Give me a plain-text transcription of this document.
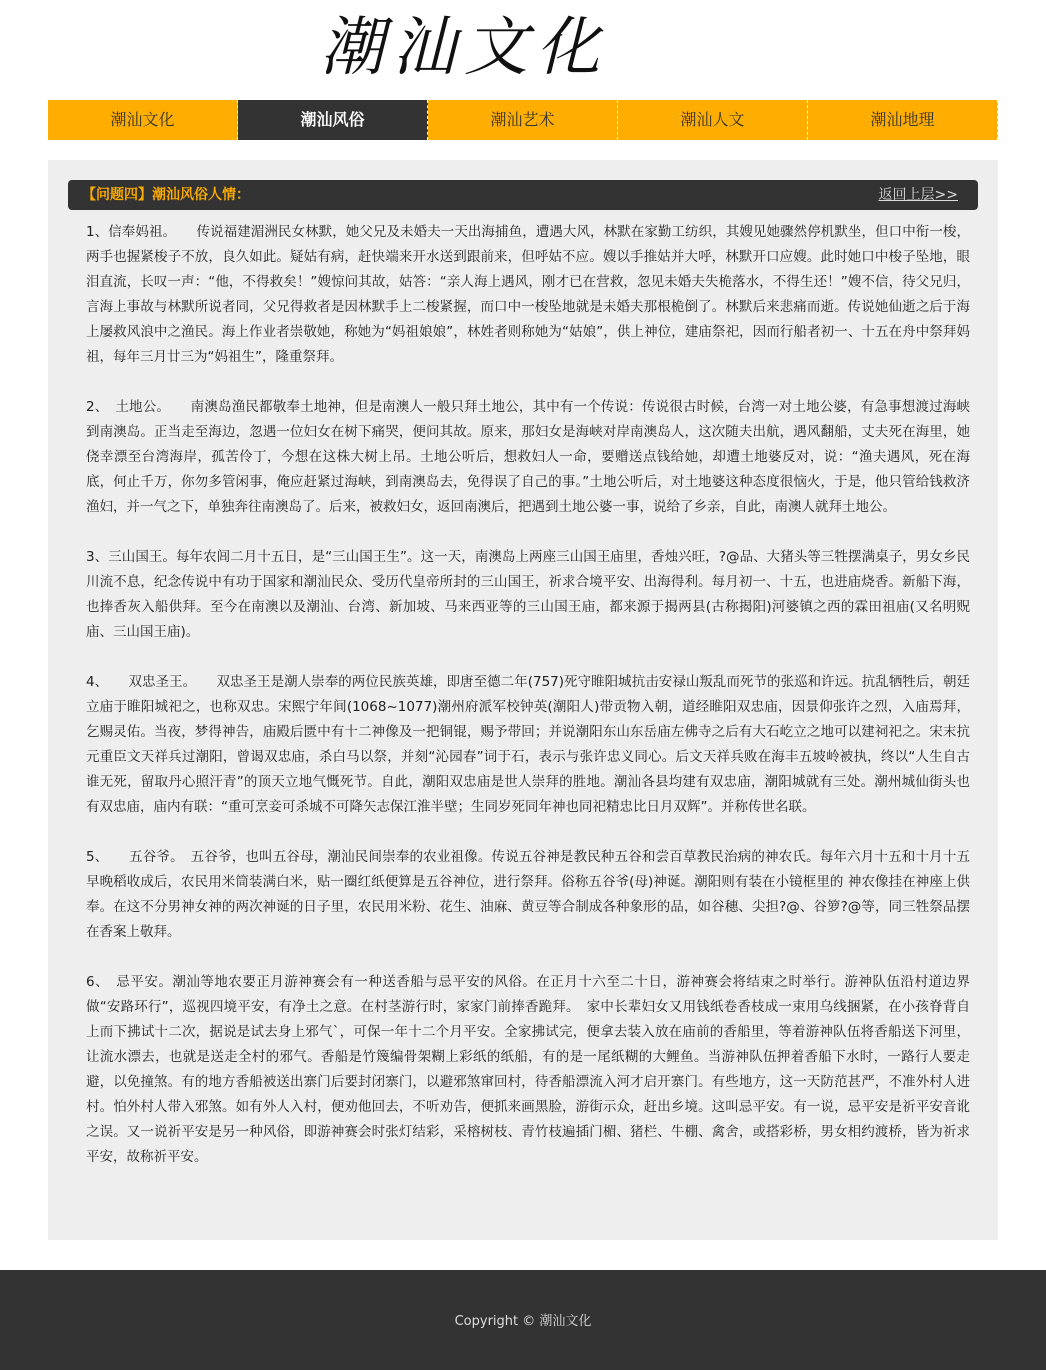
潮汕文化
潮汕文化	潮汕风俗	潮汕艺术	潮汕人文	潮汕地理
【问题四】潮汕风俗人情：	返回上层>>

1、信奉妈祖。　　传说福建湄洲民女林默，她父兄及未婚夫一天出海捕鱼，遭遇大风，林默在家勤工纺织，其嫂见她骤然停机默坐，但口中衔一梭，两手也握紧梭子不放，良久如此。疑姑有病，赶快端来开水送到跟前来，但呼姑不应。嫂以手推姑并大呼，林默开口应嫂。此时她口中梭子坠地，眼泪直流，长叹一声：“他，不得救矣！”嫂惊问其故，姑答：“亲人海上遇风，刚才已在营救，忽见未婚夫失桅落水，不得生还！”嫂不信，待父兄归，言海上事故与林默所说者同，父兄得救者是因林默手上二梭紧握，而口中一梭坠地就是未婚夫那根桅倒了。林默后来悲痛而逝。传说她仙逝之后于海上屡救风浪中之渔民。海上作业者崇敬她，称她为“妈祖娘娘”，林姓者则称她为“姑娘”，供上神位，建庙祭祀，因而行船者初一、十五在舟中祭拜妈祖，每年三月廿三为“妈祖生”，隆重祭拜。

2、　土地公。　　南澳岛渔民都敬奉土地神，但是南澳人一般只拜土地公，其中有一个传说：传说很古时候，台湾一对土地公婆，有急事想渡过海峡到南澳岛。正当走至海边，忽遇一位妇女在树下痛哭，便问其故。原来，那妇女是海峡对岸南澳岛人，这次随夫出航，遇风翻船，丈夫死在海里，她侥幸漂至台湾海岸，孤苦伶丁，今想在这株大树上吊。土地公听后，想救妇人一命，要赠送点钱给她，却遭土地婆反对，说：“渔夫遇风，死在海底，何止千万，你勿多管闲事，俺应赶紧过海峡，到南澳岛去，免得误了自己的事。”土地公听后，对土地婆这种态度很恼火，于是，他只管给钱救济渔妇，并一气之下，单独奔往南澳岛了。后来，被救妇女，返回南澳后，把遇到土地公婆一事，说给了乡亲，自此，南澳人就拜土地公。

3、三山国王。每年农闾二月十五日，是“三山国王生”。这一天，南澳岛上两座三山国王庙里，香烛兴旺，?@品、大猪头等三牲摆满桌子，男女乡民川流不息，纪念传说中有功于国家和潮汕民众、受历代皇帝所封的三山国王，祈求合境平安、出海得利。每月初一、十五，也进庙烧香。新船下海，也捧香灰入船供拜。至今在南澳以及潮汕、台湾、新加坡、马来西亚等的三山国王庙，都来源于揭两县(古称揭阳)河婆镇之西的霖田祖庙(又名明贶庙、三山国王庙)。

4、　　双忠圣王。　　双忠圣王是潮人崇奉的两位民族英雄，即唐至德二年(757)死守睢阳城抗击安禄山叛乱而死节的张巡和许远。抗乱牺牲后，朝廷立庙于睢阳城祀之，也称双忠。宋熙宁年间(1068~1077)潮州府派军校钟英(潮阳人)带贡物入朝，道经睢阳双忠庙，因景仰张许之烈，入庙焉拜，乞赐灵佑。当夜，梦得神告，庙殿后匮中有十二神像及一把铜锟，赐予带回；并说潮阳东山东岳庙左佛寺之后有大石屹立之地可以建祠祀之。宋末抗元重臣文天祥兵过潮阳，曾谒双忠庙，杀白马以祭，并刻“沁园春”词于石，表示与张许忠义同心。后文天祥兵败在海丰五坡岭被执，终以“人生自古谁无死，留取丹心照汗青”的顶天立地气慨死节。自此，潮阳双忠庙是世人崇拜的胜地。潮汕各县均建有双忠庙，潮阳城就有三处。潮州城仙街头也有双忠庙，庙内有联：“重可烹妾可杀城不可降矢志保江淮半壁；生同岁死同年神也同祀精忠比日月双辉”。并称传世名联。

5、　　五谷爷。　五谷爷，也叫五谷母，潮汕民间崇奉的农业祖像。传说五谷神是教民种五谷和尝百草教民治病的神农氏。每年六月十五和十月十五早晚稻收成后，农民用米筒装满白米，贴一圈红纸便算是五谷神位，进行祭拜。俗称五谷爷(母)神诞。潮阳则有装在小镜框里的 神农像挂在神座上供奉。在这不分男神女神的两次神诞的日子里，农民用米粉、花生、油麻、黄豆等合制成各种象形的品，如谷穗、尖担?@、谷箩?@等，同三牲祭品摆在香案上敬拜。

6、　忌平安。潮汕等地农要正月游神赛会有一种送香船与忌平安的风俗。在正月十六至二十日，游神赛会将结束之时举行。游神队伍沿村道边界做“安路环行”，巡视四境平安，有净土之意。在村茎游行时，家家门前捧香跪拜。　家中长辈妇女又用钱纸卷香枝成一束用乌线捆紧，在小孩脊背自上而下拂试十二次，据说是试去身上邪气`，可保一年十二个月平安。全家拂试完，便拿去装入放在庙前的香船里，等着游神队伍将香船送下河里，让流水漂去，也就是送走全村的邪气。香船是竹篾编骨架糊上彩纸的纸船，有的是一尾纸糊的大鲤鱼。当游神队伍押着香船下水时，一路行人要走避，以免撞煞。有的地方香船被送出寨门后要封闭寨门，以避邪煞窜回村，待香船漂流入河才启开寨门。有些地方，这一天防范甚严，不准外村人进村。怕外村人带入邪煞。如有外人入村，便劝他回去，不听劝告，便抓来画黑脸，游街示众，赶出乡境。这叫忌平安。有一说，忌平安是祈平安音讹之误。又一说祈平安是另一种风俗，即游神赛会时张灯结彩，采榕树枝、青竹枝遍插门楣、猪栏、牛棚、禽舍，或搭彩桥，男女相约渡桥，皆为祈求平安，故称祈平安。

Copyright © 潮汕文化
